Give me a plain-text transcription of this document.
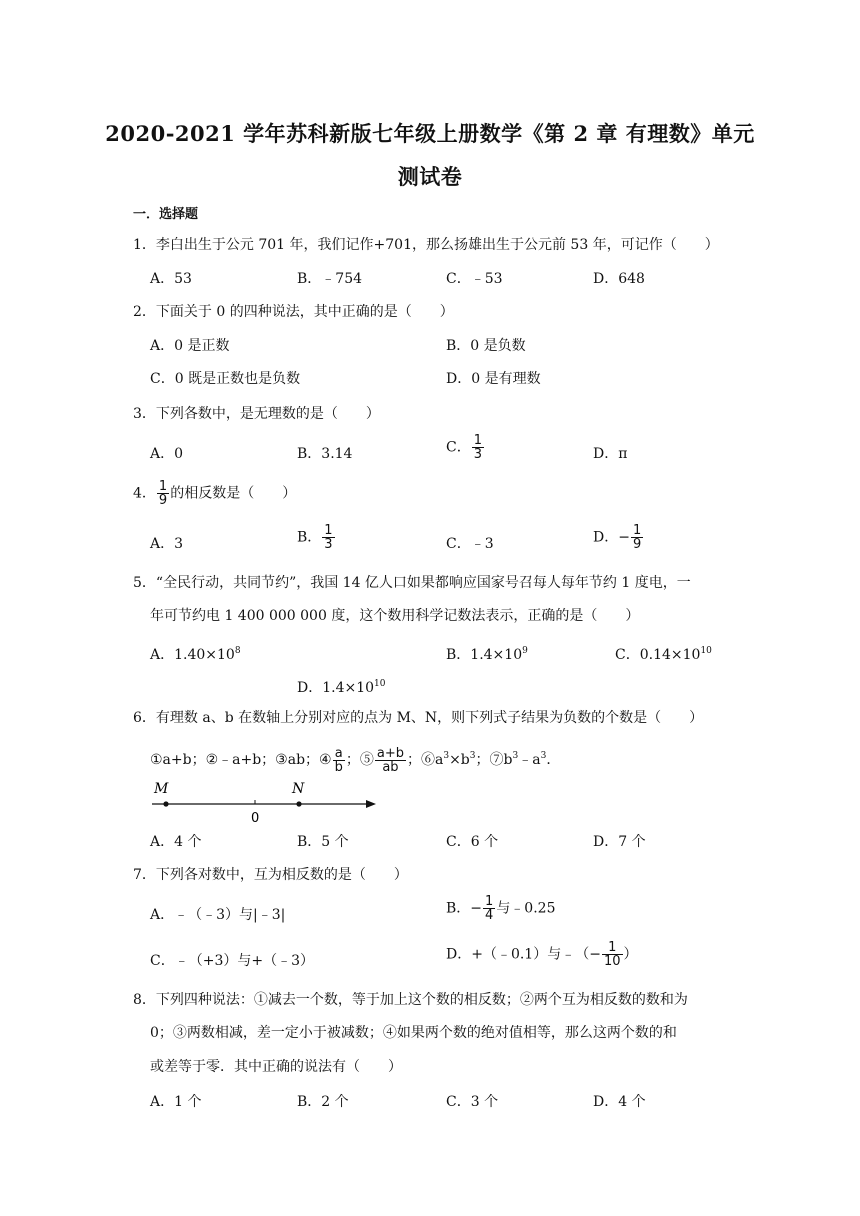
2020-2021 学年苏科新版七年级上册数学《第 2 章 有理数》单元
测试卷
一．选择题
1．李白出生于公元 701 年，我们记作+701，那么扬雄出生于公元前 53 年，可记作（　　）
A．53	B．﹣754	C．﹣53	D．648
2．下面关于 0 的四种说法，其中正确的是（　　）
A．0 是正数	B．0 是负数
C．0 既是正数也是负数	D．0 是有理数
3．下列各数中，是无理数的是（　　）
A．0	B．3.14	C． $\frac{1}{3}$	D．π
4． $\frac{1}{9}$ 的相反数是（　　）
A．3	B． $\frac{1}{3}$	C．﹣3	D．− $\frac{1}{9}$
5．“全民行动，共同节约”，我国 14 亿人口如果都响应国家号召每人每年节约 1 度电，一
年可节约电 1 400 000 000 度，这个数用科学记数法表示，正确的是（　　）
A．$1.40\times 10^8$	B．$1.4\times 10^9$	C．$0.14\times 10^{10}$
D．$1.4\times 10^{10}$
6．有理数 a、b 在数轴上分别对应的点为 M、N，则下列式子结果为负数的个数是（　　）
①a+b；②﹣a+b；③ab；④ $\frac{a}{b}$ ；⑤ $\frac{a+b}{ab}$ ；$⑥a^3\times b^3$；$⑦b^3﹣a^3$．
M	N
0
A．4 个	B．5 个	C．6 个	D．7 个
7．下列各对数中，互为相反数的是（　　）
A．﹣（﹣3）与|﹣3|	B．− $\frac{1}{4}$ 与﹣0.25
C．﹣（+3）与+（﹣3）	D．+（﹣0.1）与﹣（− $\frac{1}{10}$ ）
8．下列四种说法：①减去一个数，等于加上这个数的相反数；②两个互为相反数的数和为
0；③两数相减，差一定小于被减数；④如果两个数的绝对值相等，那么这两个数的和
或差等于零．其中正确的说法有（　　）
A．1 个	B．2 个	C．3 个	D．4 个
